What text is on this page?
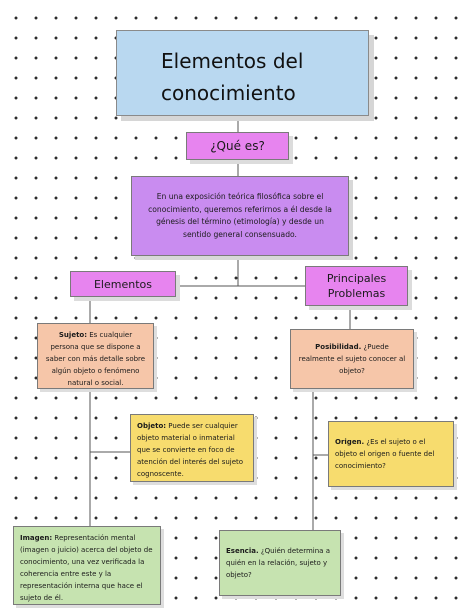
Elementos del
conocimiento
¿Qué es?
En una exposición teórica filosófica sobre el conocimiento, queremos referirnos a él desde la génesis del término (etimología) y desde un sentido general consensuado.
Elementos	Principales
Problemas
Sujeto: Es cualquier persona que se dispone a saber con más detalle sobre algún objeto o fenómeno natural o social.
Objeto: Puede ser cualquier objeto material o inmaterial que se convierte en foco de atención del interés del sujeto cognoscente.
Imagen: Representación mental (imagen o juicio) acerca del objeto de conocimiento, una vez verificada la coherencia entre este y la representación interna que hace el sujeto de él.
Posibilidad. ¿Puede realmente el sujeto conocer al objeto?
Origen. ¿Es el sujeto o el objeto el origen o fuente del conocimiento?
Esencia. ¿Quién determina a quién en la relación, sujeto y objeto?
